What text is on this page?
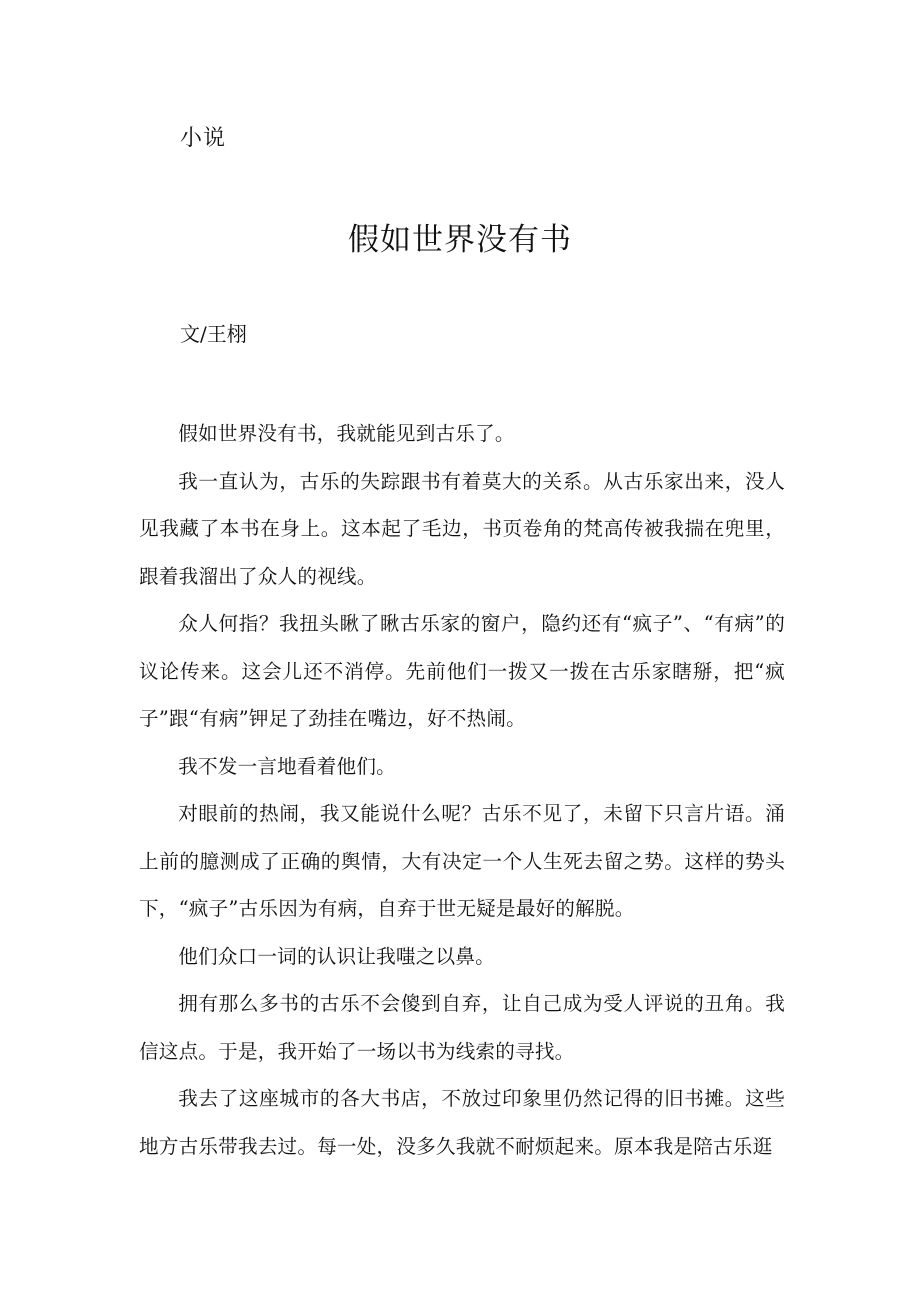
小说
假如世界没有书
文/王栩

假如世界没有书，我就能见到古乐了。

我一直认为，古乐的失踪跟书有着莫大的关系。从古乐家出来，没人见我藏了本书在身上。这本起了毛边，书页卷角的梵高传被我揣在兜里，跟着我溜出了众人的视线。

众人何指？我扭头瞅了瞅古乐家的窗户，隐约还有“疯子”、“有病”的议论传来。这会儿还不消停。先前他们一拨又一拨在古乐家瞎掰，把“疯子”跟“有病”钾足了劲挂在嘴边，好不热闹。

我不发一言地看着他们。

对眼前的热闹，我又能说什么呢？古乐不见了，未留下只言片语。涌上前的臆测成了正确的舆情，大有决定一个人生死去留之势。这样的势头下，“疯子”古乐因为有病，自弃于世无疑是最好的解脱。

他们众口一词的认识让我嗤之以鼻。

拥有那么多书的古乐不会傻到自弃，让自己成为受人评说的丑角。我信这点。于是，我开始了一场以书为线索的寻找。

我去了这座城市的各大书店，不放过印象里仍然记得的旧书摊。这些地方古乐带我去过。每一处，没多久我就不耐烦起来。原本我是陪古乐逛
